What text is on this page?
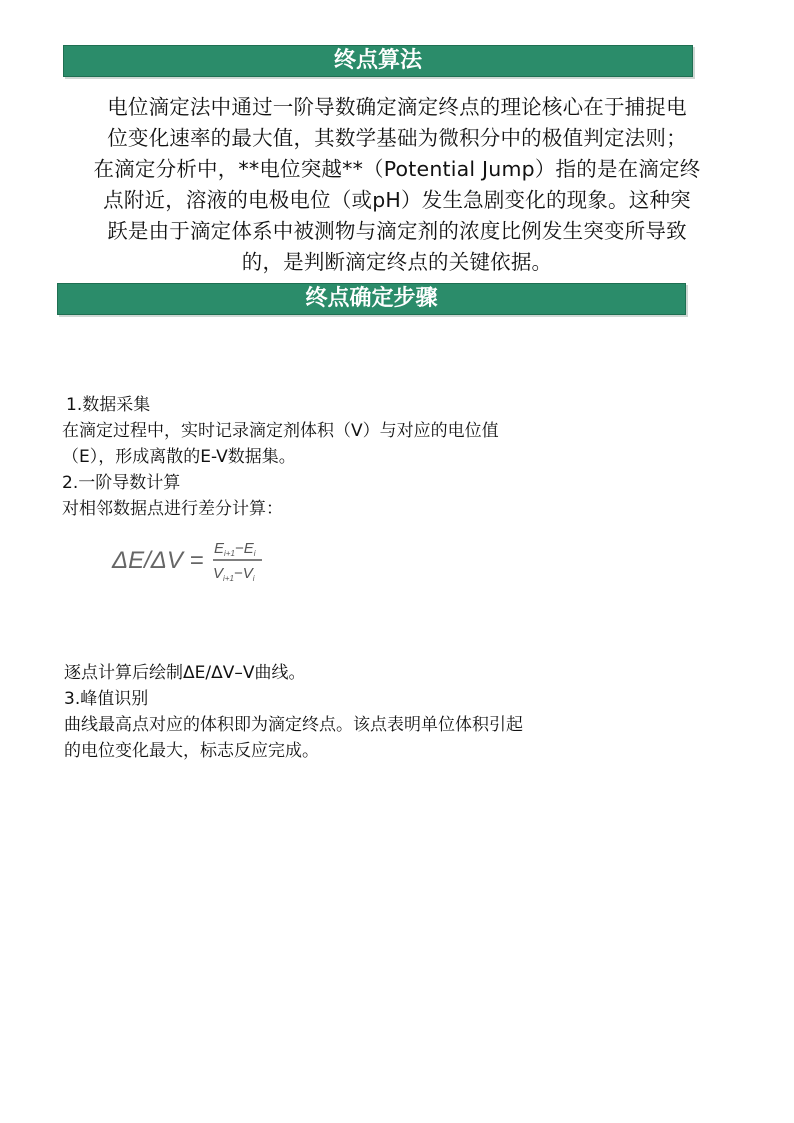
终点算法

电位滴定法中通过一阶导数确定滴定终点的理论核心在于捕捉电

位变化速率的最大值，其数学基础为微积分中的极值判定法则；

在滴定分析中，**电位突越**（Potential Jump）指的是在滴定终

点附近，溶液的电极电位（或pH）发生急剧变化的现象。这种突

跃是由于滴定体系中被测物与滴定剂的浓度比例发生突变所导致

的，是判断滴定终点的关键依据。

终点确定步骤

1.数据采集

在滴定过程中，实时记录滴定剂体积（V）与对应的电位值

（E），形成离散的E-V数据集。

2.一阶导数计算

对相邻数据点进行差分计算：

$\Delta E/\Delta V = E_{i+1}-E_i$
$V_{i+1}-V_i$

逐点计算后绘制ΔE/ΔV–V曲线。

3.峰值识别

曲线最高点对应的体积即为滴定终点。该点表明单位体积引起

的电位变化最大，标志反应完成。
